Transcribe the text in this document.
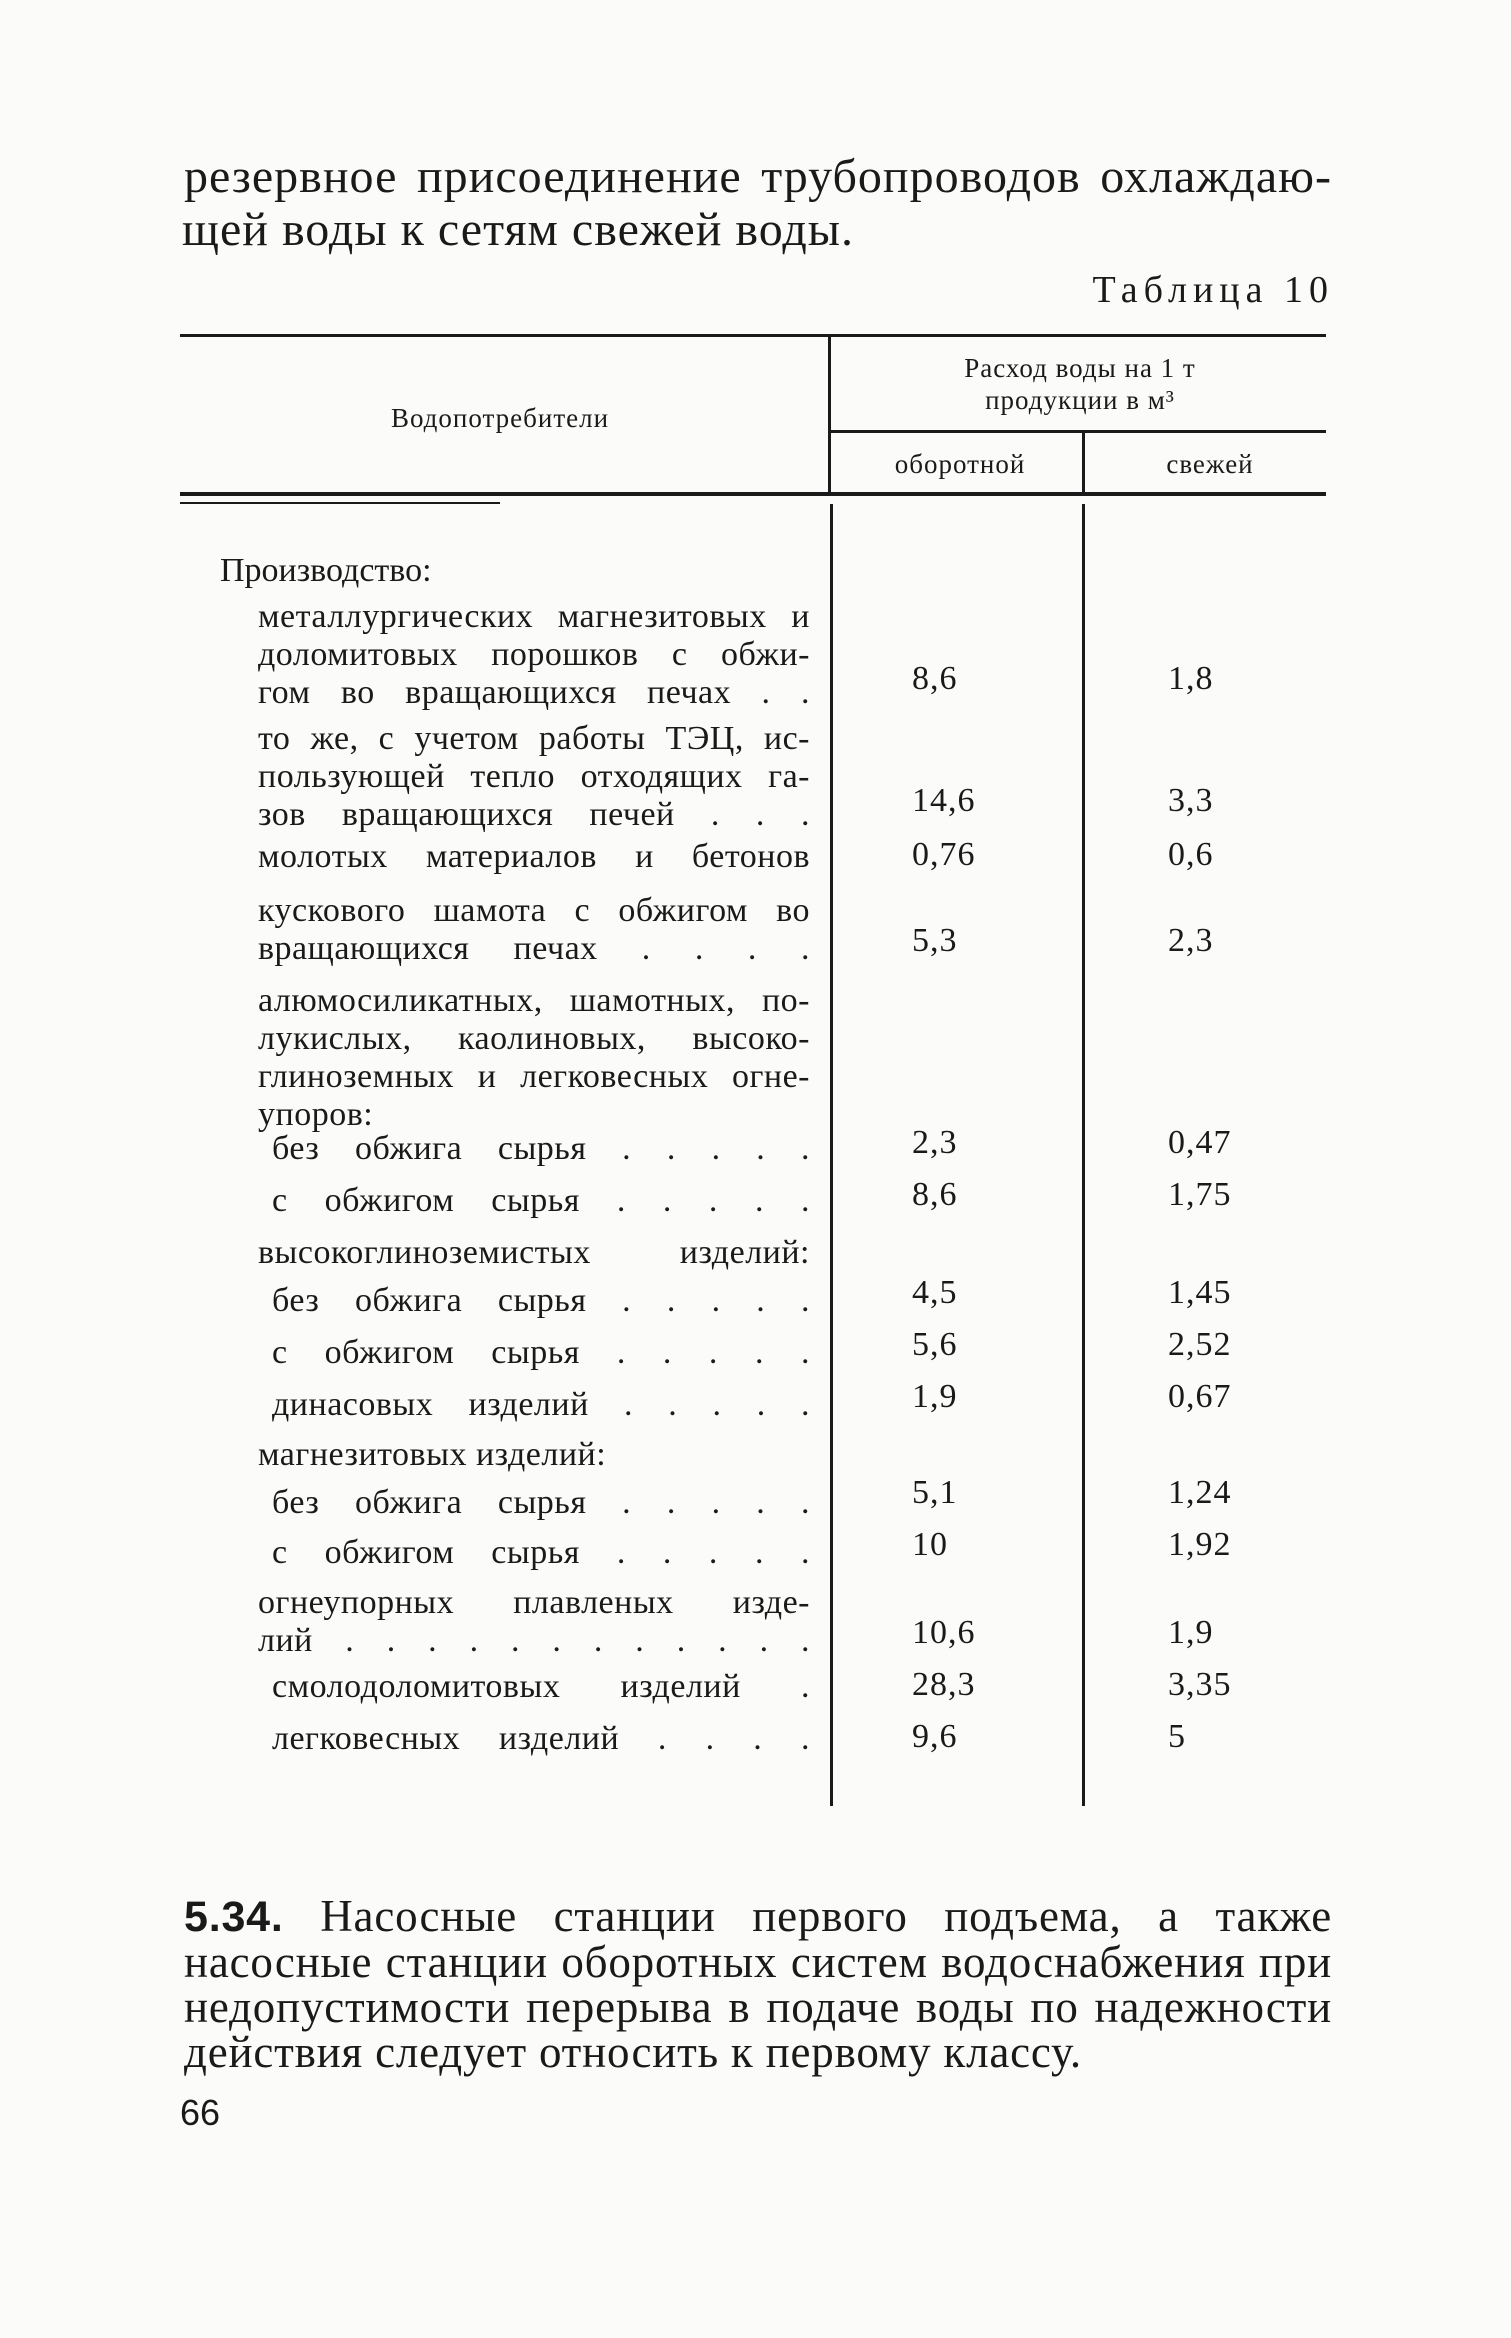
резервное присоединение трубопроводов охлаждаю-
щей воды к сетям свежей воды.
Таблица 10
Водопотребители
Расход воды на 1 т
продукции в м³
оборотной	свежей
Производство:
металлургических магнезитовых и
доломитовых порошков с обжи-
гом во вращающихся печах . .	8,6	1,8
то же, с учетом работы ТЭЦ, ис-
пользующей тепло отходящих га-
зов вращающихся печей . . .	14,6	3,3
молотых материалов и бетонов	0,76	0,6
кускового шамота с обжигом во
вращающихся печах . . . .	5,3	2,3
алюмосиликатных, шамотных, по-
лукислых, каолиновых, высоко-
глиноземных и легковесных огне-
упоров:
без обжига сырья . . . . .	2,3	0,47
с обжигом сырья . . . . .	8,6	1,75
высокоглиноземистых изделий:
без обжига сырья . . . . .	4,5	1,45
с обжигом сырья . . . . .	5,6	2,52
динасовых изделий . . . . .	1,9	0,67
магнезитовых изделий:
без обжига сырья . . . . .	5,1	1,24
с обжигом сырья . . . . .	10	1,92
огнеупорных плавленых изде-
лий . . . . . . . . . . . .	10,6	1,9
смолодоломитовых изделий .	28,3	3,35
легковесных изделий . . . .	9,6	5
5.34. Насосные станции первого подъема, а также насосные станции оборотных систем водоснабжения при недопустимости перерыва в подаче воды по надежности действия следует относить к первому классу.
66
